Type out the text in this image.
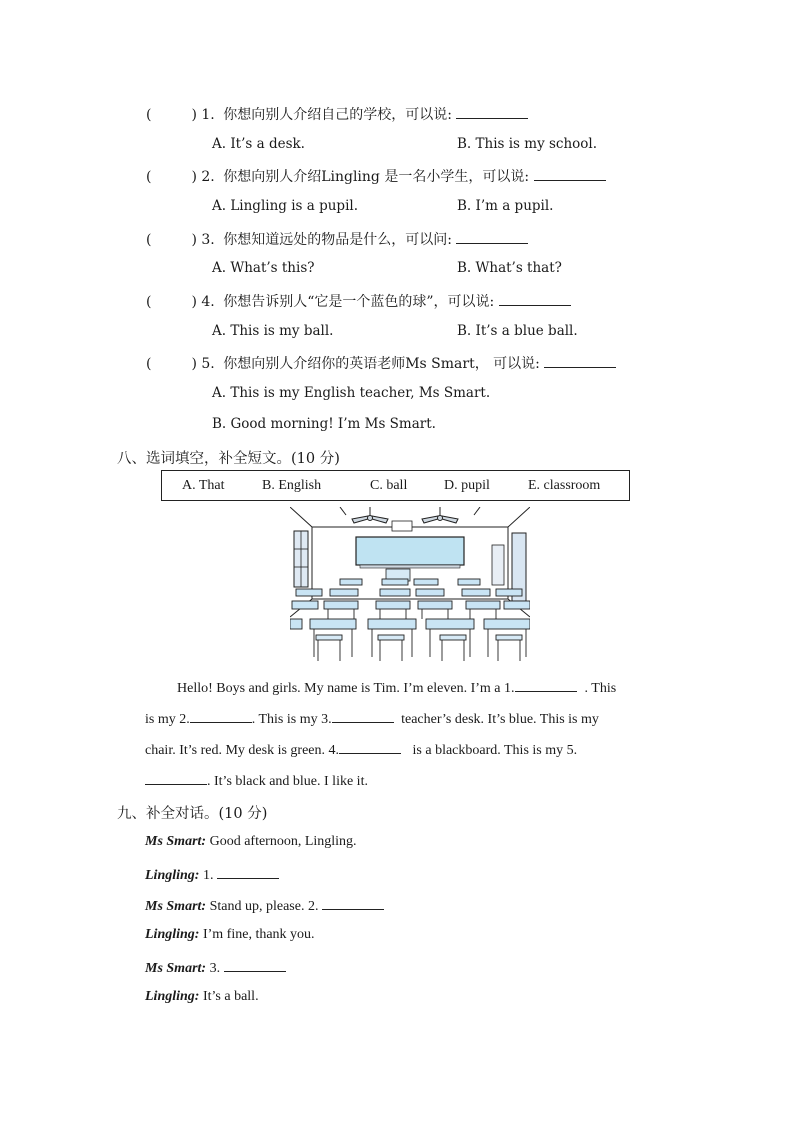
(	) 1. 你想向别人介绍自己的学校，可以说:
A. It’s a desk.	B. This is my school.
(	) 2. 你想向别人介绍Lingling 是一名小学生，可以说:
A. Lingling is a pupil.	B. I’m a pupil.
(	) 3. 你想知道远处的物品是什么，可以问:
A. What’s this?	B. What’s that?
(	) 4. 你想告诉别人“它是一个蓝色的球”，可以说:
A. This is my ball.	B. It’s a blue ball.
(	) 5. 你想向别人介绍你的英语老师Ms Smart， 可以说:
A. This is my English teacher, Ms Smart.
B. Good morning! I’m Ms Smart.
八、选词填空，补全短文。(10 分)
A. That	B. English	C. ball	D. pupil	E. classroom
Hello! Boys and girls. My name is Tim. I’m eleven. I’m a 1.	. This
is my 2.	. This is my 3.	teacher’s desk. It’s blue. This is my
chair. It’s red. My desk is green. 4.	is a blackboard. This is my 5.
. It’s black and blue. I like it.
九、补全对话。(10 分)
Ms Smart: Good afternoon, Lingling.
Lingling: 1.
Ms Smart: Stand up, please. 2.
Lingling: I’m fine, thank you.
Ms Smart: 3.
Lingling: It’s a ball.
